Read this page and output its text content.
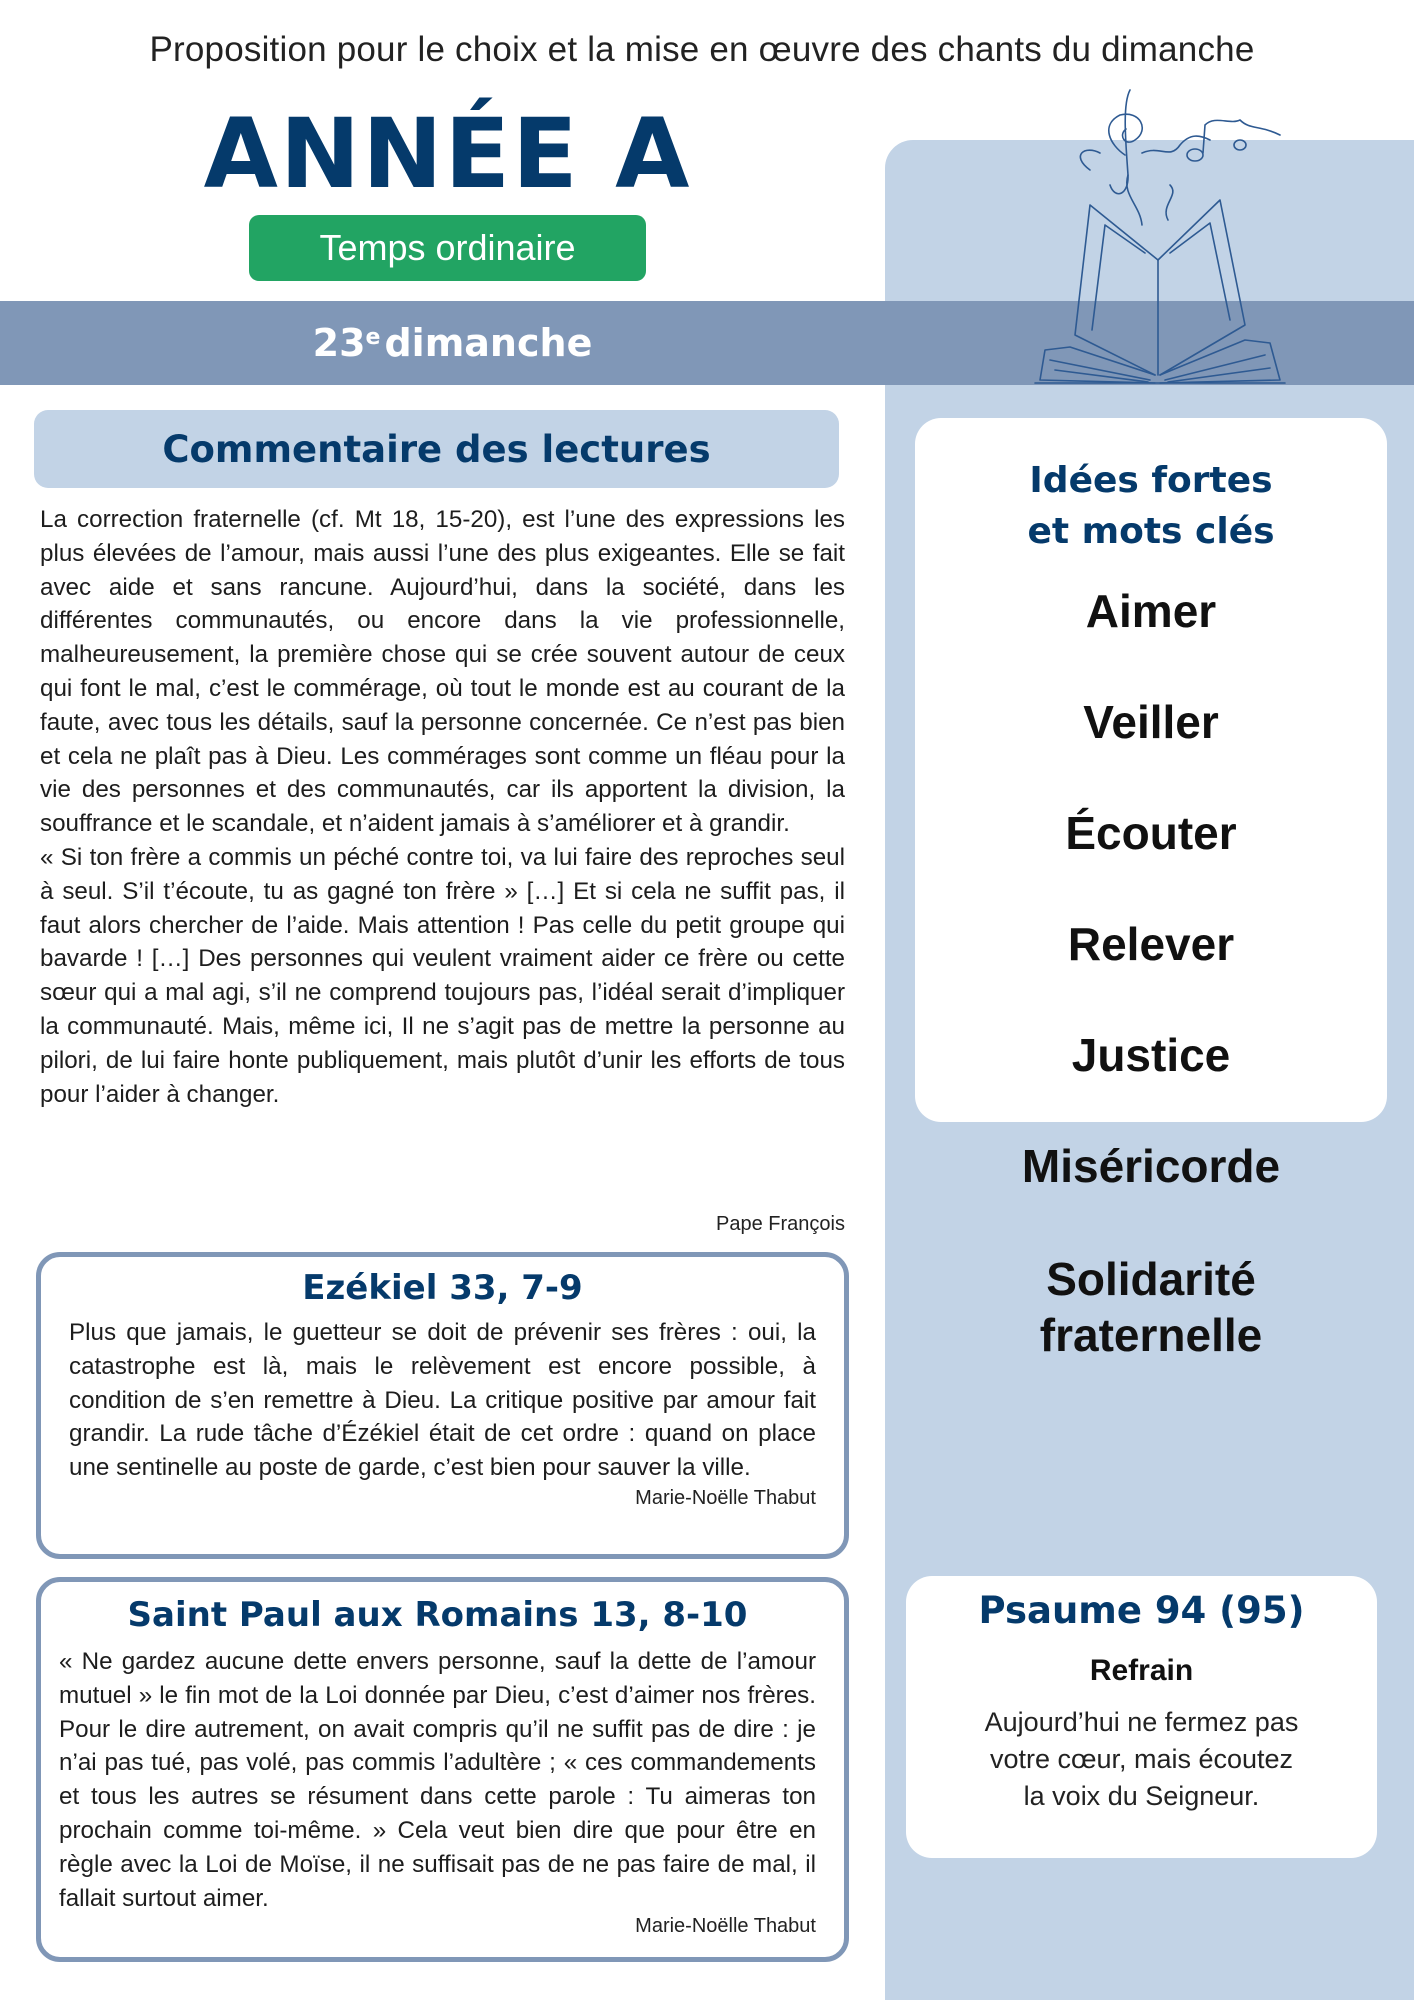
Proposition pour le choix et la mise en œuvre des chants du dimanche
ANNÉE A
Temps ordinaire
23e dimanche
Commentaire des lectures

La correction fraternelle (cf. Mt 18, 15-20), est l’une des expressions les plus élevées de l’amour, mais aussi l’une des plus exigeantes. Elle se fait avec aide et sans rancune. Aujourd’hui, dans la société, dans les différentes communautés, ou encore dans la vie professionnelle, malheureusement, la première chose qui se crée souvent autour de ceux qui font le mal, c’est le commérage, où tout le monde est au courant de la faute, avec tous les détails, sauf la personne concernée. Ce n’est pas bien et cela ne plaît pas à Dieu. Les commérages sont comme un fléau pour la vie des personnes et des communautés, car ils apportent la division, la souffrance et le scandale, et n’aident jamais à s’améliorer et à grandir.

« Si ton frère a commis un péché contre toi, va lui faire des reproches seul à seul. S’il t’écoute, tu as gagné ton frère » […] Et si cela ne suffit pas, il faut alors chercher de l’aide. Mais attention ! Pas celle du petit groupe qui bavarde ! […] Des personnes qui veulent vraiment aider ce frère ou cette sœur qui a mal agi, s’il ne comprend toujours pas, l’idéal serait d’impliquer la communauté. Mais, même ici, Il ne s’agit pas de mettre la personne au pilori, de lui faire honte publiquement, mais plutôt d’unir les efforts de tous pour l’aider à changer.

Pape François
Ezékiel 33, 7-9
Plus que jamais, le guetteur se doit de prévenir ses frères : oui, la catastrophe est là, mais le relèvement est encore possible, à condition de s’en remettre à Dieu. La critique positive par amour fait grandir. La rude tâche d’Ézékiel était de cet ordre : quand on place une sentinelle au poste de garde, c’est bien pour sauver la ville.
Marie-Noëlle Thabut
Saint Paul aux Romains 13, 8-10
« Ne gardez aucune dette envers personne, sauf la dette de l’amour mutuel » le fin mot de la Loi donnée par Dieu, c’est d’aimer nos frères. Pour le dire autrement, on avait compris qu’il ne suffit pas de dire : je n’ai pas tué, pas volé, pas commis l’adultère ; « ces commandements et tous les autres se résument dans cette parole : Tu aimeras ton prochain comme toi-même. » Cela veut bien dire que pour être en règle avec la Loi de Moïse, il ne suffisait pas de ne pas faire de mal, il fallait surtout aimer.
Marie-Noëlle Thabut
Idées fortes
et mots clés
Aimer
Veiller
Écouter
Relever
Justice
Miséricorde
Solidarité
fraternelle
Psaume 94 (95)
Refrain
Aujourd’hui ne fermez pas
votre cœur, mais écoutez
la voix du Seigneur.
